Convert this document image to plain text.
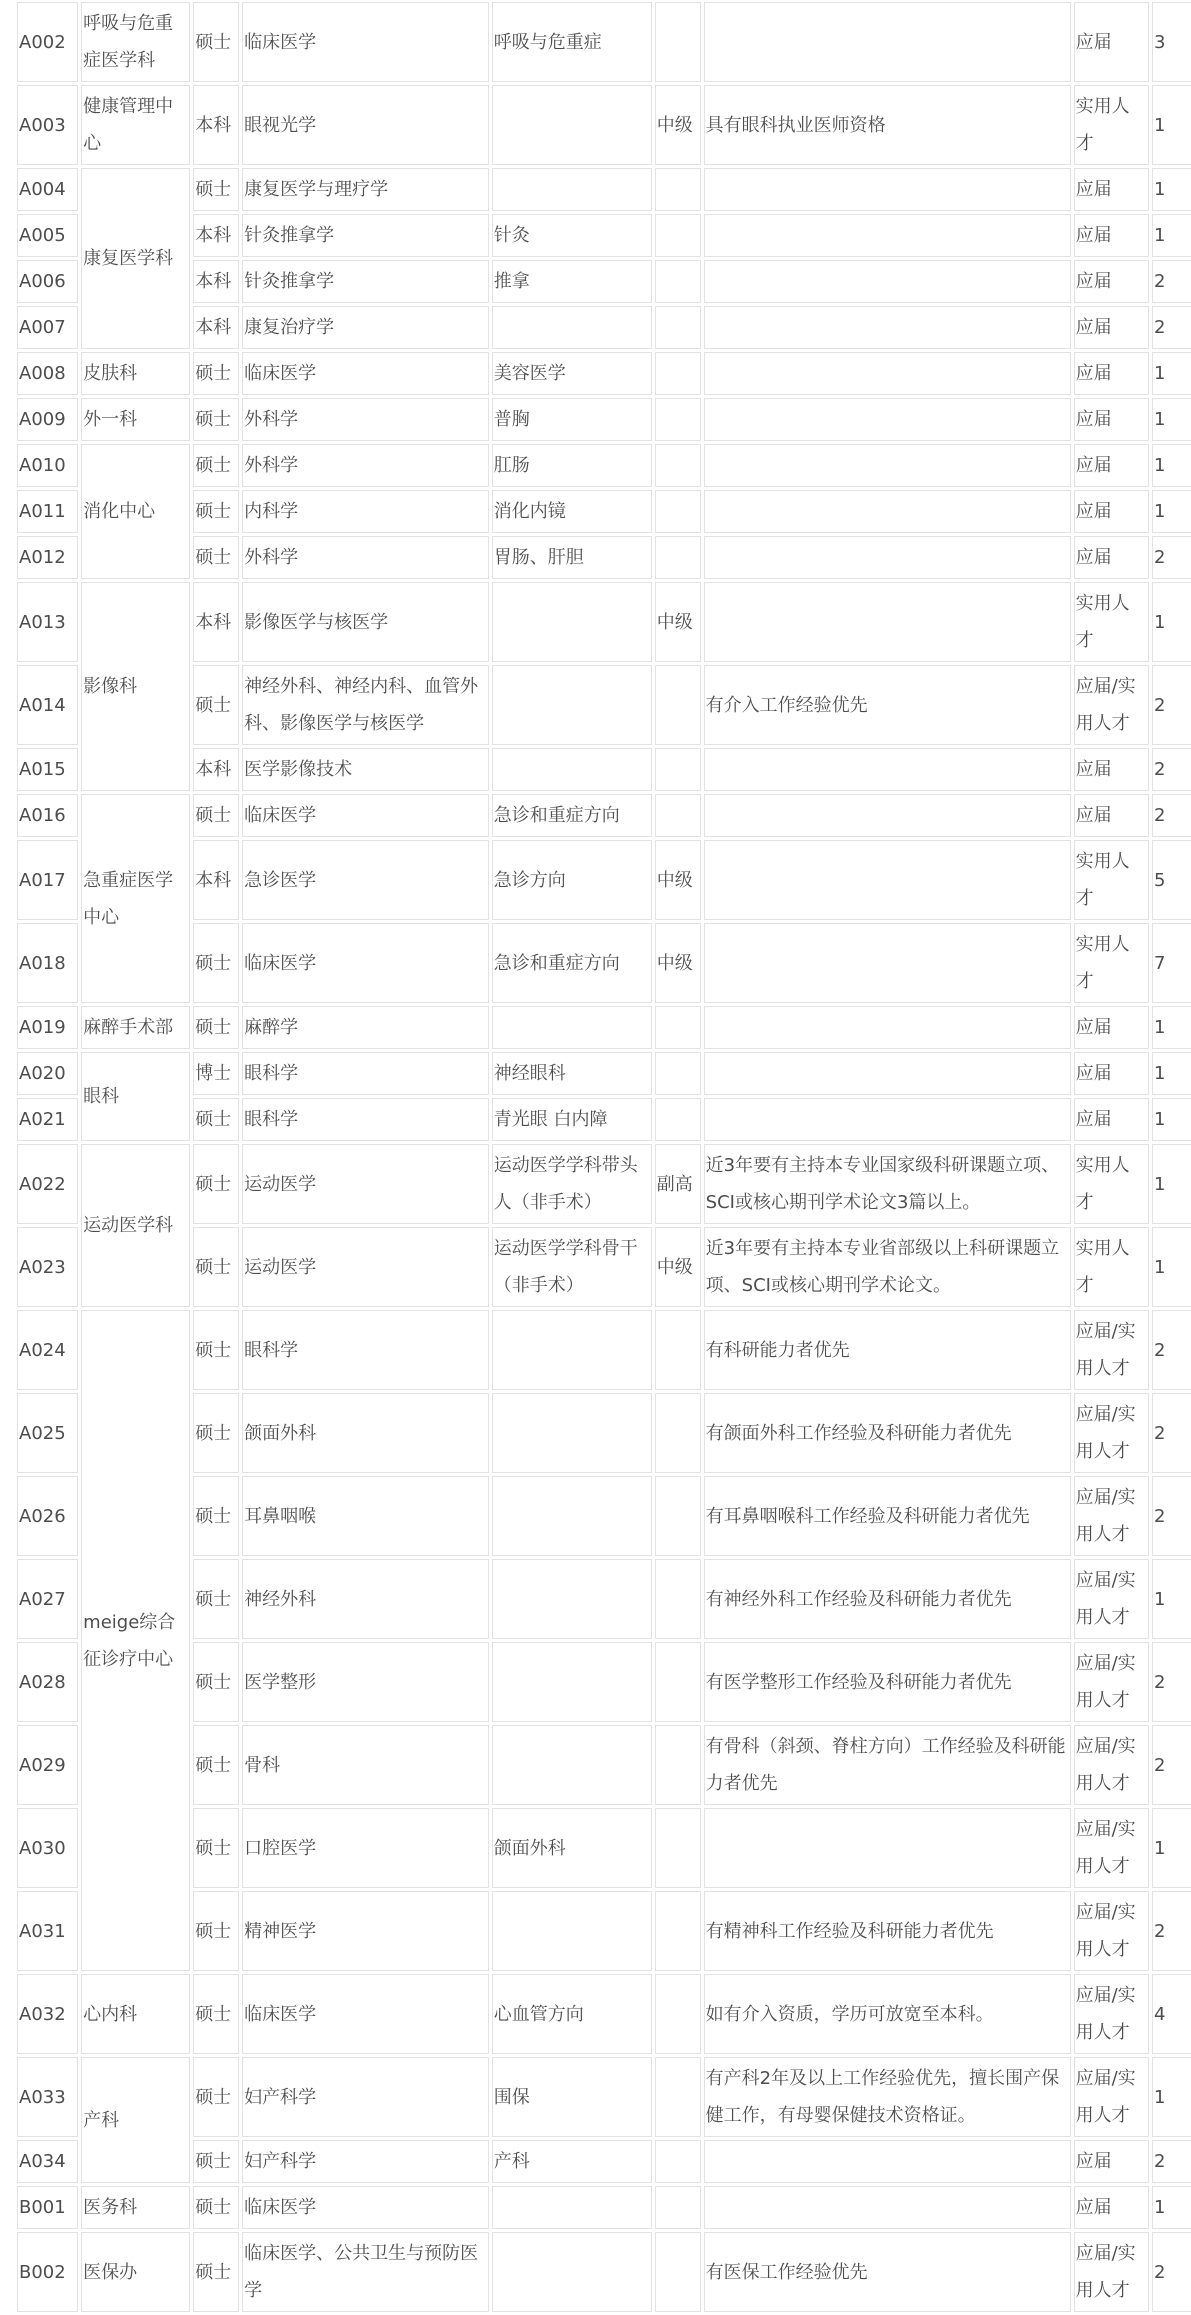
A002	呼吸与危重症医学科	硕士	临床医学	呼吸与危重症			应届	3
A003	健康管理中心	本科	眼视光学		中级	具有眼科执业医师资格	实用人才	1
A004	康复医学科	硕士	康复医学与理疗学				应届	1
A005		本科	针灸推拿学	针灸			应届	1
A006		本科	针灸推拿学	推拿			应届	2
A007		本科	康复治疗学				应届	2
A008	皮肤科	硕士	临床医学	美容医学			应届	1
A009	外一科	硕士	外科学	普胸			应届	1
A010	消化中心	硕士	外科学	肛肠			应届	1
A011		硕士	内科学	消化内镜			应届	1
A012		硕士	外科学	胃肠、肝胆			应届	2
A013	影像科	本科	影像医学与核医学		中级		实用人才	1
A014		硕士	神经外科、神经内科、血管外科、影像医学与核医学			有介入工作经验优先	应届/实用人才	2
A015		本科	医学影像技术				应届	2
A016	急重症医学中心	硕士	临床医学	急诊和重症方向			应届	2
A017		本科	急诊医学	急诊方向	中级		实用人才	5
A018		硕士	临床医学	急诊和重症方向	中级		实用人才	7
A019	麻醉手术部	硕士	麻醉学				应届	1
A020	眼科	博士	眼科学	神经眼科			应届	1
A021		硕士	眼科学	青光眼 白内障			应届	1
A022	运动医学科	硕士	运动医学	运动医学学科带头人（非手术）	副高	近3年要有主持本专业国家级科研课题立项、SCI或核心期刊学术论文3篇以上。	实用人才	1
A023		硕士	运动医学	运动医学学科骨干（非手术）	中级	近3年要有主持本专业省部级以上科研课题立项、SCI或核心期刊学术论文。	实用人才	1
A024	meige综合征诊疗中心	硕士	眼科学			有科研能力者优先	应届/实用人才	2
A025		硕士	颌面外科			有颌面外科工作经验及科研能力者优先	应届/实用人才	2
A026		硕士	耳鼻咽喉			有耳鼻咽喉科工作经验及科研能力者优先	应届/实用人才	2
A027		硕士	神经外科			有神经外科工作经验及科研能力者优先	应届/实用人才	1
A028		硕士	医学整形			有医学整形工作经验及科研能力者优先	应届/实用人才	2
A029		硕士	骨科			有骨科（斜颈、脊柱方向）工作经验及科研能力者优先	应届/实用人才	2
A030		硕士	口腔医学	颌面外科			应届/实用人才	1
A031		硕士	精神医学			有精神科工作经验及科研能力者优先	应届/实用人才	2
A032	心内科	硕士	临床医学	心血管方向		如有介入资质，学历可放宽至本科。	应届/实用人才	4
A033	产科	硕士	妇产科学	围保		有产科2年及以上工作经验优先，擅长围产保健工作，有母婴保健技术资格证。	应届/实用人才	1
A034		硕士	妇产科学	产科			应届	2
B001	医务科	硕士	临床医学				应届	1
B002	医保办	硕士	临床医学、公共卫生与预防医学			有医保工作经验优先	应届/实用人才	2
